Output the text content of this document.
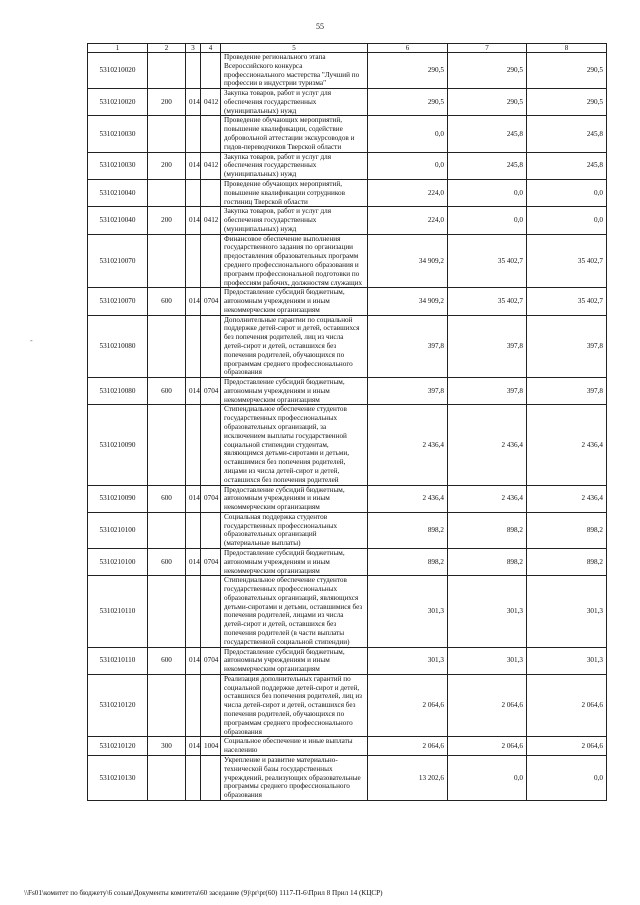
55
-
1	2	3	4	5	6	7	8
5310210020				Проведение регионального этапа Всероссийского конкурса профессионального мастерства "Лучший по профессии в индустрии туризма"	290,5	290,5	290,5
5310210020	200	014	0412	Закупка товаров, работ и услуг для обеспечения государственных (муниципальных) нужд	290,5	290,5	290,5
5310210030				Проведение обучающих мероприятий, повышение квалификации, содействие добровольной аттестации экскурсоводов и гидов-переводчиков Тверской области	0,0	245,8	245,8
5310210030	200	014	0412	Закупка товаров, работ и услуг для обеспечения государственных (муниципальных) нужд	0,0	245,8	245,8
5310210040				Проведение обучающих мероприятий, повышение квалификации сотрудников гостиниц Тверской области	224,0	0,0	0,0
5310210040	200	014	0412	Закупка товаров, работ и услуг для обеспечения государственных (муниципальных) нужд	224,0	0,0	0,0
5310210070				Финансовое обеспечение выполнения государственного задания по организации предоставления образовательных программ среднего профессионального образования и программ профессиональной подготовки по профессиям рабочих, должностям служащих	34 909,2	35 402,7	35 402,7
5310210070	600	014	0704	Предоставление субсидий бюджетным, автономным учреждениям и иным некоммерческим организациям	34 909,2	35 402,7	35 402,7
5310210080				Дополнительные гарантии по социальной поддержке детей-сирот и детей, оставшихся без попечения родителей, лиц из числа детей-сирот и детей, оставшихся без попечения родителей, обучающихся по программам среднего профессионального образования	397,8	397,8	397,8
5310210080	600	014	0704	Предоставление субсидий бюджетным, автономным учреждениям и иным некоммерческим организациям	397,8	397,8	397,8
5310210090				Стипендиальное обеспечение студентов государственных профессиональных образовательных организаций, за исключением выплаты государственной социальной стипендии студентам, являющимся детьми-сиротами и детьми, оставшимися без попечения родителей, лицами из числа детей-сирот и детей, оставшихся без попечения родителей	2 436,4	2 436,4	2 436,4
5310210090	600	014	0704	Предоставление субсидий бюджетным, автономным учреждениям и иным некоммерческим организациям	2 436,4	2 436,4	2 436,4
5310210100				Социальная поддержка студентов государственных профессиональных образовательных организаций (материальные выплаты)	898,2	898,2	898,2
5310210100	600	014	0704	Предоставление субсидий бюджетным, автономным учреждениям и иным некоммерческим организациям	898,2	898,2	898,2
5310210110				Стипендиальное обеспечение студентов государственных профессиональных образовательных организаций, являющихся детьми-сиротами и детьми, оставшимися без попечения родителей, лицами из числа детей-сирот и детей, оставшихся без попечения родителей (в части выплаты государственной социальной стипендии)	301,3	301,3	301,3
5310210110	600	014	0704	Предоставление субсидий бюджетным, автономным учреждениям и иным некоммерческим организациям	301,3	301,3	301,3
5310210120				Реализация дополнительных гарантий по социальной поддержке детей-сирот и детей, оставшихся без попечения родителей, лиц из числа детей-сирот и детей, оставшихся без попечения родителей, обучающихся по программам среднего профессионального образования	2 064,6	2 064,6	2 064,6
5310210120	300	014	1004	Социальное обеспечение и иные выплаты населению	2 064,6	2 064,6	2 064,6
5310210130				Укрепление и развитие материально-технической базы государственных учреждений, реализующих образовательные программы среднего профессионального образования	13 202,6	0,0	0,0
\\Fs01\комитет по бюджету\6 созыв\Документы комитета\60 заседание (9)\pr\pr(60) 1117-П-6\Прил 8 Прил 14 (КЦСР)
